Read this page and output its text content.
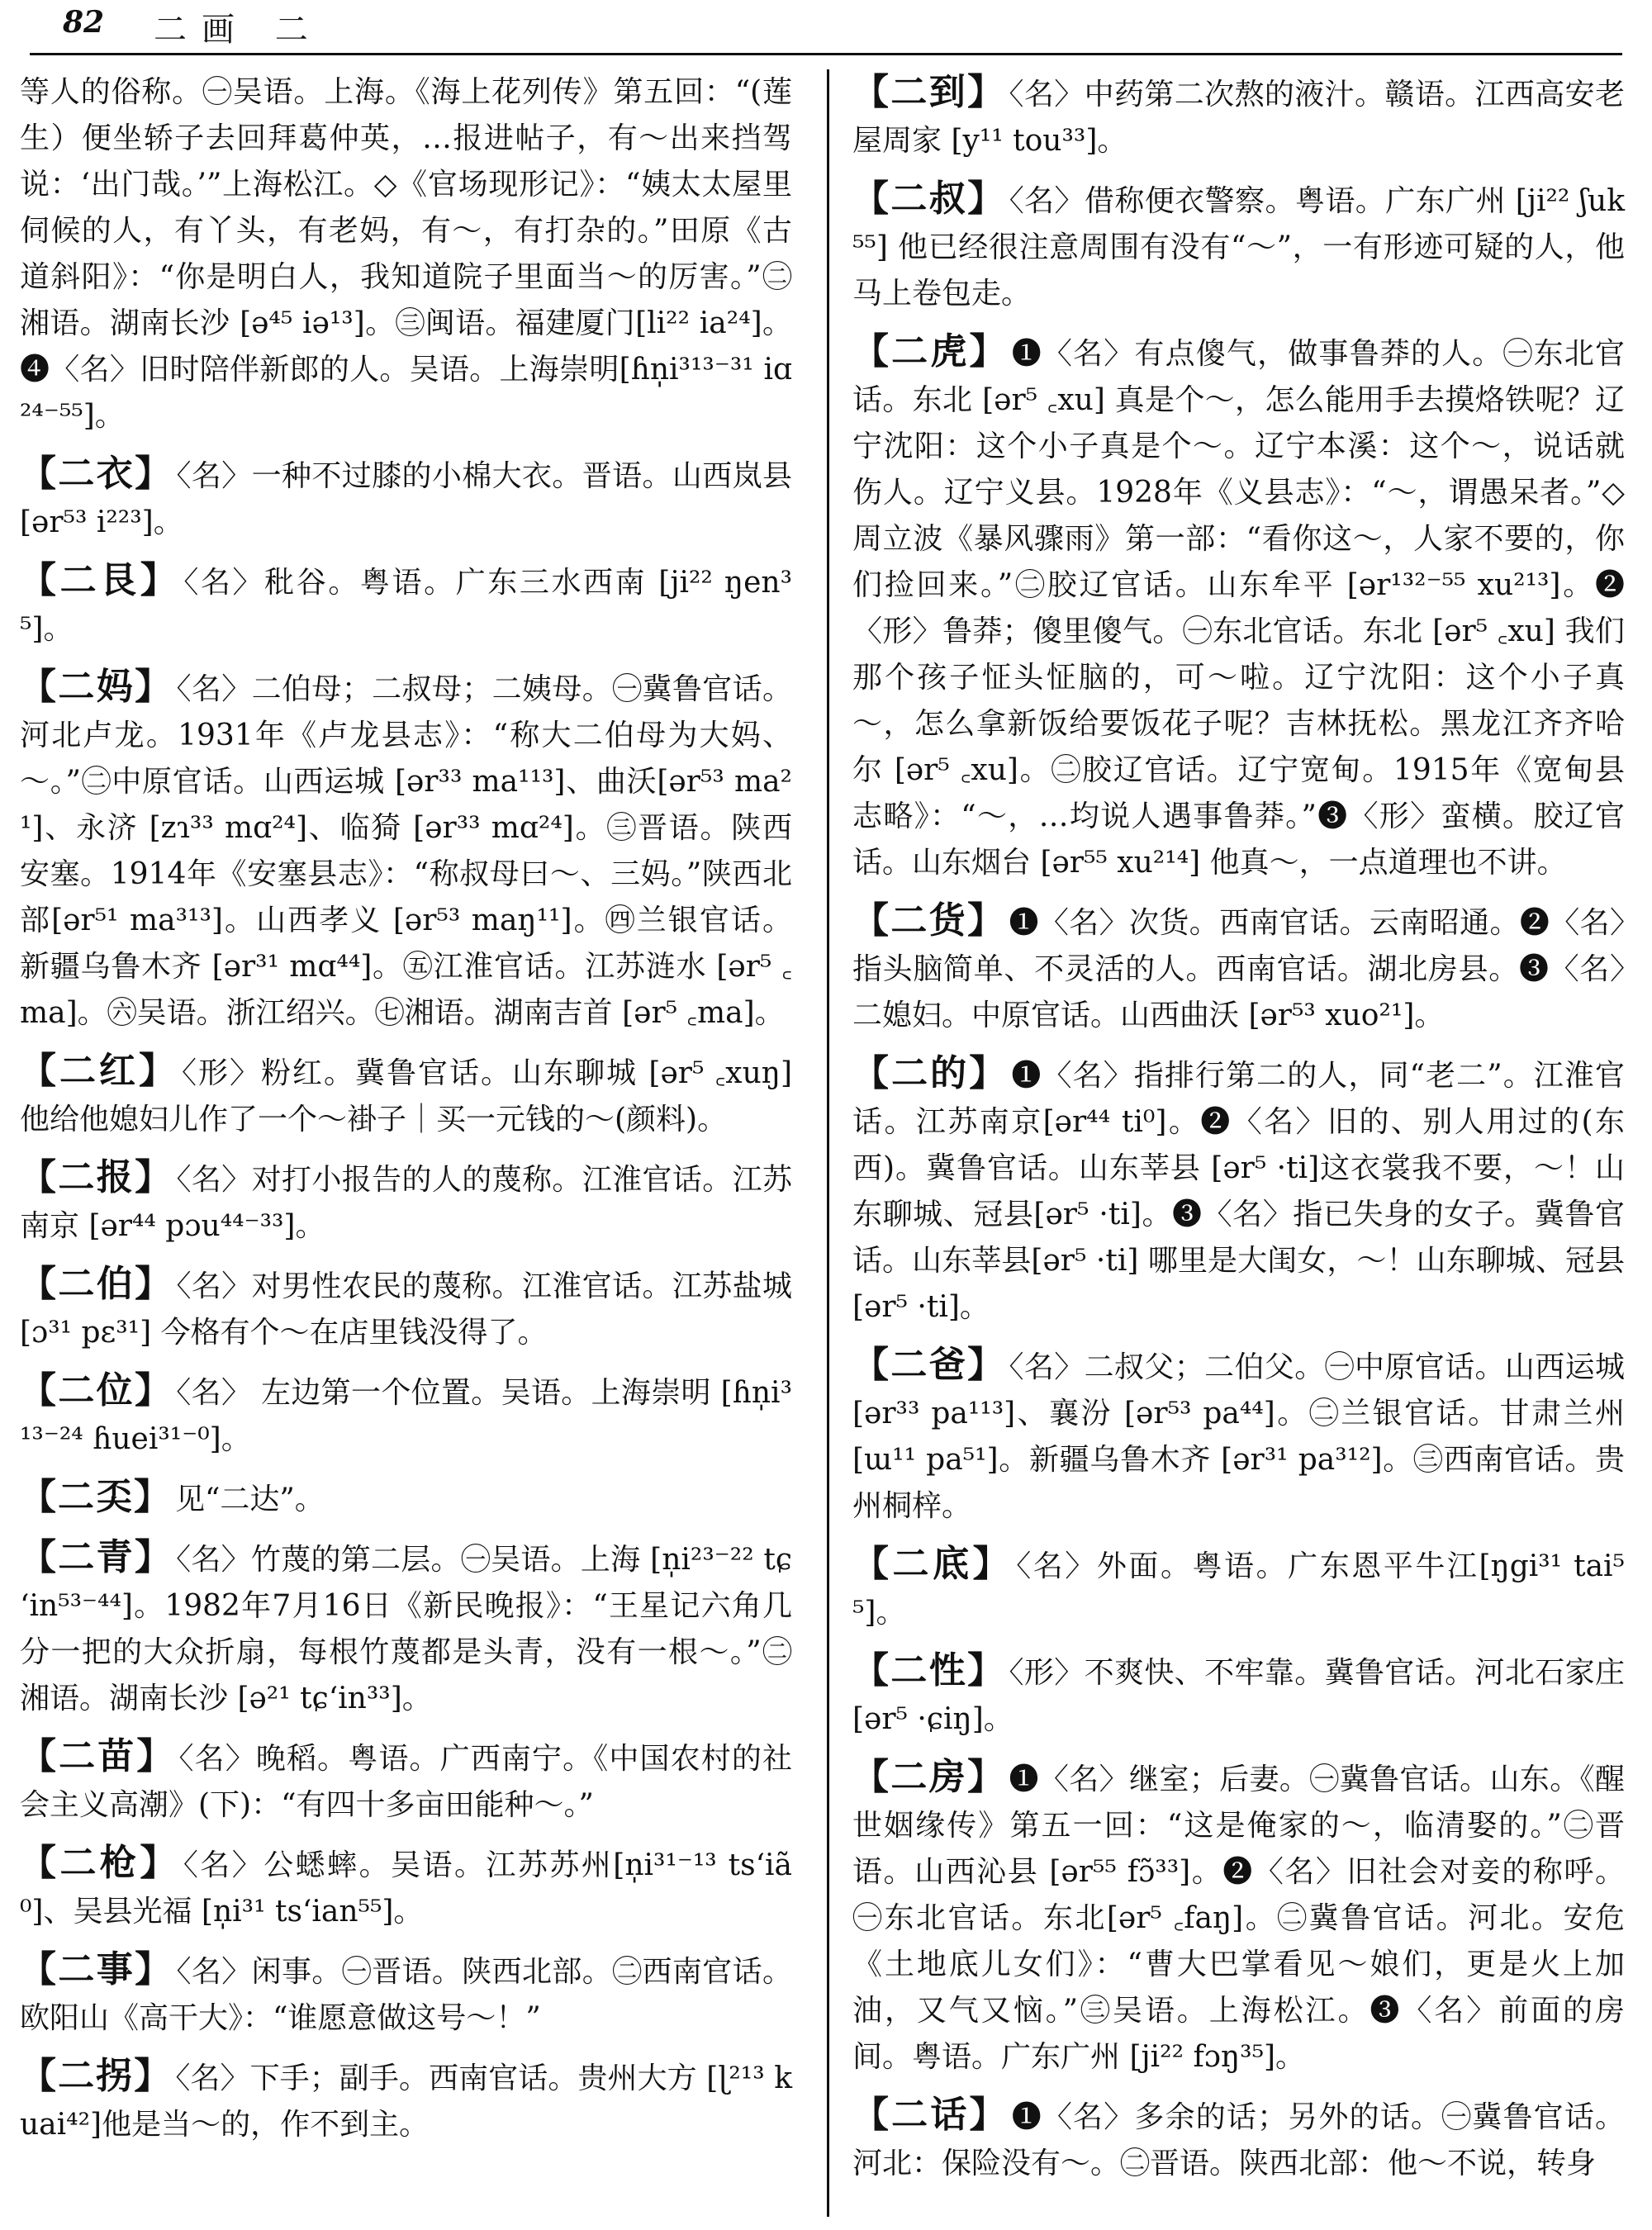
82 二画 二

等人的俗称。㊀吴语。上海。《海上花列传》第五回：“(莲生）便坐轿子去回拜葛仲英，…报进帖子，有～出来挡驾说：‘出门哉。’”上海松江。◇《官场现形记》：“姨太太屋里伺候的人，有丫头，有老妈，有～，有打杂的。”田原《古道斜阳》：“你是明白人，我知道院子里面当～的厉害。”㊁湘语。湖南长沙 [ə⁴⁵ iə¹³]。㊂闽语。福建厦门[li²² ia²⁴]。❹〈名〉旧时陪伴新郎的人。吴语。上海崇明[ɦn̩i³¹³⁻³¹ iɑ²⁴⁻⁵⁵]。

【二衣】 〈名〉一种不过膝的小棉大衣。晋语。山西岚县 [ər⁵³ i²²³]。

【二艮】 〈名〉秕谷。粤语。广东三水西南 [ji²² ŋen³⁵]。

【二妈】 〈名〉二伯母；二叔母；二姨母。㊀冀鲁官话。河北卢龙。1931年《卢龙县志》：“称大二伯母为大妈、～。”㊁中原官话。山西运城 [ər³³ ma¹¹³]、曲沃[ər⁵³ ma²¹]、永济 [zɿ³³ mɑ²⁴]、临猗 [ər³³ mɑ²⁴]。㊂晋语。陕西安塞。1914年《安塞县志》：“称叔母曰～、三妈。”陕西北部[ər⁵¹ ma³¹³]。山西孝义 [ər⁵³ maŋ¹¹]。㊃兰银官话。新疆乌鲁木齐 [ər³¹ mɑ⁴⁴]。㊄江淮官话。江苏涟水 [ər⁵ ꜀ma]。㊅吴语。浙江绍兴。㊆湘语。湖南吉首 [ər⁵ ꜀ma]。

【二红】 〈形〉粉红。冀鲁官话。山东聊城 [ər⁵ ꜀xuŋ] 他给他媳妇儿作了一个～褂子｜买一元钱的～(颜料)。

【二报】 〈名〉对打小报告的人的蔑称。江淮官话。江苏南京 [ər⁴⁴ pɔu⁴⁴⁻³³]。

【二伯】 〈名〉对男性农民的蔑称。江淮官话。江苏盐城 [ɔ³¹ pɛ³¹] 今格有个～在店里钱没得了。

【二位】 〈名〉 左边第一个位置。吴语。上海崇明 [ɦn̩i³¹³⁻²⁴ ɦuei³¹⁻⁰]。

【二奀】 见“二达”。

【二青】 〈名〉竹蔑的第二层。㊀吴语。上海 [n̩i²³⁻²² tɕʻin⁵³⁻⁴⁴]。1982年7月16日《新民晚报》：“王星记六角几分一把的大众折扇，每根竹蔑都是头青，没有一根～。”㊁湘语。湖南长沙 [ə²¹ tɕʻin³³]。

【二苗】 〈名〉晚稻。粤语。广西南宁。《中国农村的社会主义高潮》(下)：“有四十多亩田能种～。”

【二枪】 〈名〉公蟋蟀。吴语。江苏苏州[n̩i³¹⁻¹³ tsʻiã⁰]、吴县光福 [n̩i³¹ tsʻian⁵⁵]。

【二事】 〈名〉闲事。㊀晋语。陕西北部。㊁西南官话。欧阳山《高干大》：“谁愿意做这号～！”

【二拐】 〈名〉下手；副手。西南官话。贵州大方 [ɭ²¹³ kuai⁴²]他是当～的，作不到主。

【二到】 〈名〉中药第二次熬的液汁。赣语。江西高安老屋周家 [y¹¹ tou³³]。

【二叔】 〈名〉借称便衣警察。粤语。广东广州 [ji²² ʃuk⁵⁵] 他已经很注意周围有没有“～”，一有形迹可疑的人，他马上卷包走。

【二虎】 ❶〈名〉有点傻气，做事鲁莽的人。㊀东北官话。东北 [ər⁵ ꜀xu] 真是个～，怎么能用手去摸烙铁呢？辽宁沈阳：这个小子真是个～。辽宁本溪：这个～，说话就伤人。辽宁义县。1928年《义县志》：“～，谓愚呆者。”◇周立波《暴风骤雨》第一部：“看你这～，人家不要的，你们捡回来。”㊁胶辽官话。山东牟平 [ər¹³²⁻⁵⁵ xu²¹³]。❷〈形〉鲁莽；傻里傻气。㊀东北官话。东北 [ər⁵ ꜀xu] 我们那个孩子怔头怔脑的，可～啦。辽宁沈阳：这个小子真～，怎么拿新饭给要饭花子呢？吉林抚松。黑龙江齐齐哈尔 [ər⁵ ꜀xu]。㊁胶辽官话。辽宁宽甸。1915年《宽甸县志略》：“～，…均说人遇事鲁莽。”❸〈形〉蛮横。胶辽官话。山东烟台 [ər⁵⁵ xu²¹⁴] 他真～，一点道理也不讲。

【二货】 ❶〈名〉次货。西南官话。云南昭通。❷〈名〉指头脑简单、不灵活的人。西南官话。湖北房县。❸〈名〉二媳妇。中原官话。山西曲沃 [ər⁵³ xuo²¹]。

【二的】 ❶〈名〉指排行第二的人，同“老二”。江淮官话。江苏南京[ər⁴⁴ ti⁰]。❷〈名〉旧的、别人用过的(东西)。冀鲁官话。山东莘县 [ər⁵ ·ti]这衣裳我不要，～！山东聊城、冠县[ər⁵ ·ti]。❸〈名〉指已失身的女子。冀鲁官话。山东莘县[ər⁵ ·ti] 哪里是大闺女，～！山东聊城、冠县[ər⁵ ·ti]。

【二爸】 〈名〉二叔父；二伯父。㊀中原官话。山西运城[ər³³ pa¹¹³]、襄汾 [ər⁵³ pa⁴⁴]。㊁兰银官话。甘肃兰州 [ɯ¹¹ pa⁵¹]。新疆乌鲁木齐 [ər³¹ pa³¹²]。㊂西南官话。贵州桐梓。

【二底】 〈名〉外面。粤语。广东恩平牛江[ŋgi³¹ tai⁵⁵]。

【二性】 〈形〉不爽快、不牢靠。冀鲁官话。河北石家庄[ər⁵ ·ɕiŋ]。

【二房】 ❶〈名〉继室；后妻。㊀冀鲁官话。山东。《醒世姻缘传》第五一回：“这是俺家的～，临清娶的。”㊁晋语。山西沁县 [ər⁵⁵ fɔ̃³³]。❷〈名〉旧社会对妾的称呼。㊀东北官话。东北[ər⁵ ꜀faŋ]。㊁冀鲁官话。河北。安危《土地底儿女们》：“曹大巴掌看见～娘们，更是火上加油，又气又恼。”㊂吴语。上海松江。❸〈名〉前面的房间。粤语。广东广州 [ji²² fɔŋ³⁵]。

【二话】 ❶〈名〉多余的话；另外的话。㊀冀鲁官话。河北：保险没有～。㊁晋语。陕西北部：他～不说，转身
